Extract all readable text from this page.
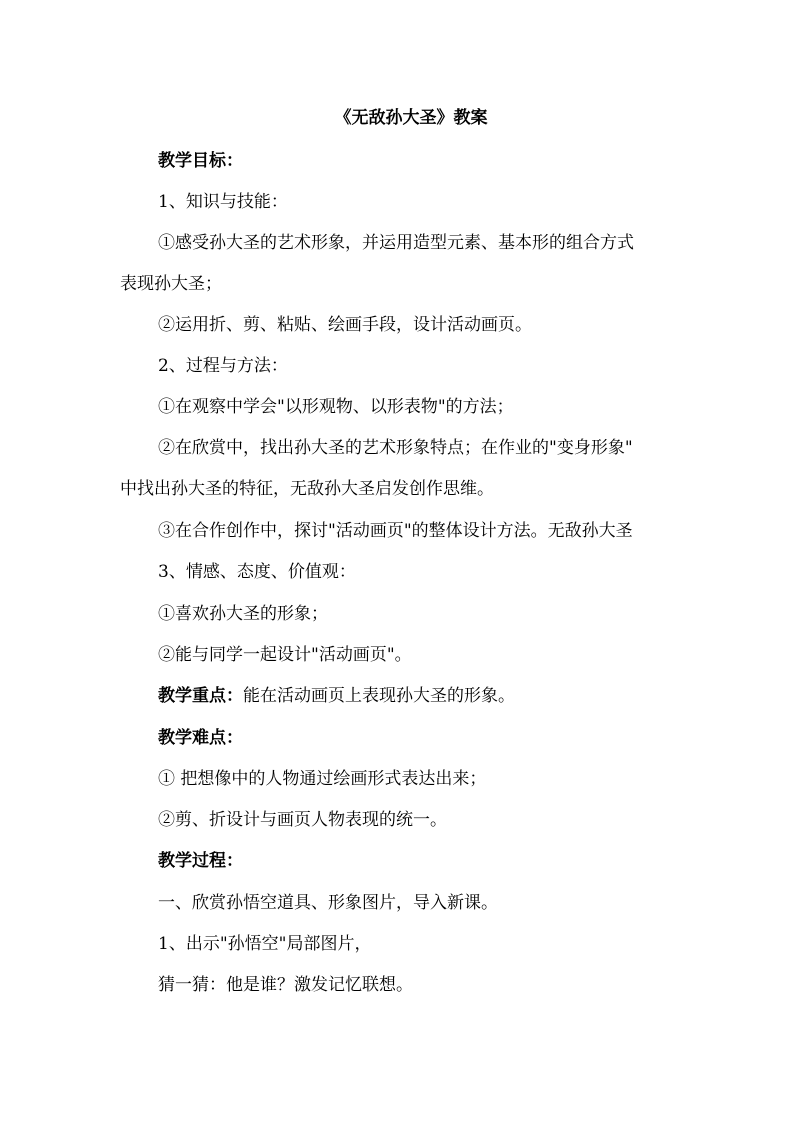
《无敌孙大圣》教案
教学目标：
1、知识与技能：
①感受孙大圣的艺术形象，并运用造型元素、基本形的组合方式
表现孙大圣；
②运用折、剪、粘贴、绘画手段，设计活动画页。
2、过程与方法：
①在观察中学会"以形观物、以形表物"的方法；
②在欣赏中，找出孙大圣的艺术形象特点；在作业的"变身形象"
中找出孙大圣的特征，无敌孙大圣启发创作思维。
③在合作创作中，探讨"活动画页"的整体设计方法。无敌孙大圣
3、情感、态度、价值观：
①喜欢孙大圣的形象；
②能与同学一起设计"活动画页"。
教学重点：能在活动画页上表现孙大圣的形象。
教学难点：
① 把想像中的人物通过绘画形式表达出来；
②剪、折设计与画页人物表现的统一。
教学过程：
一、欣赏孙悟空道具、形象图片，导入新课。
1、出示"孙悟空"局部图片，
猜一猜：他是谁？激发记忆联想。
